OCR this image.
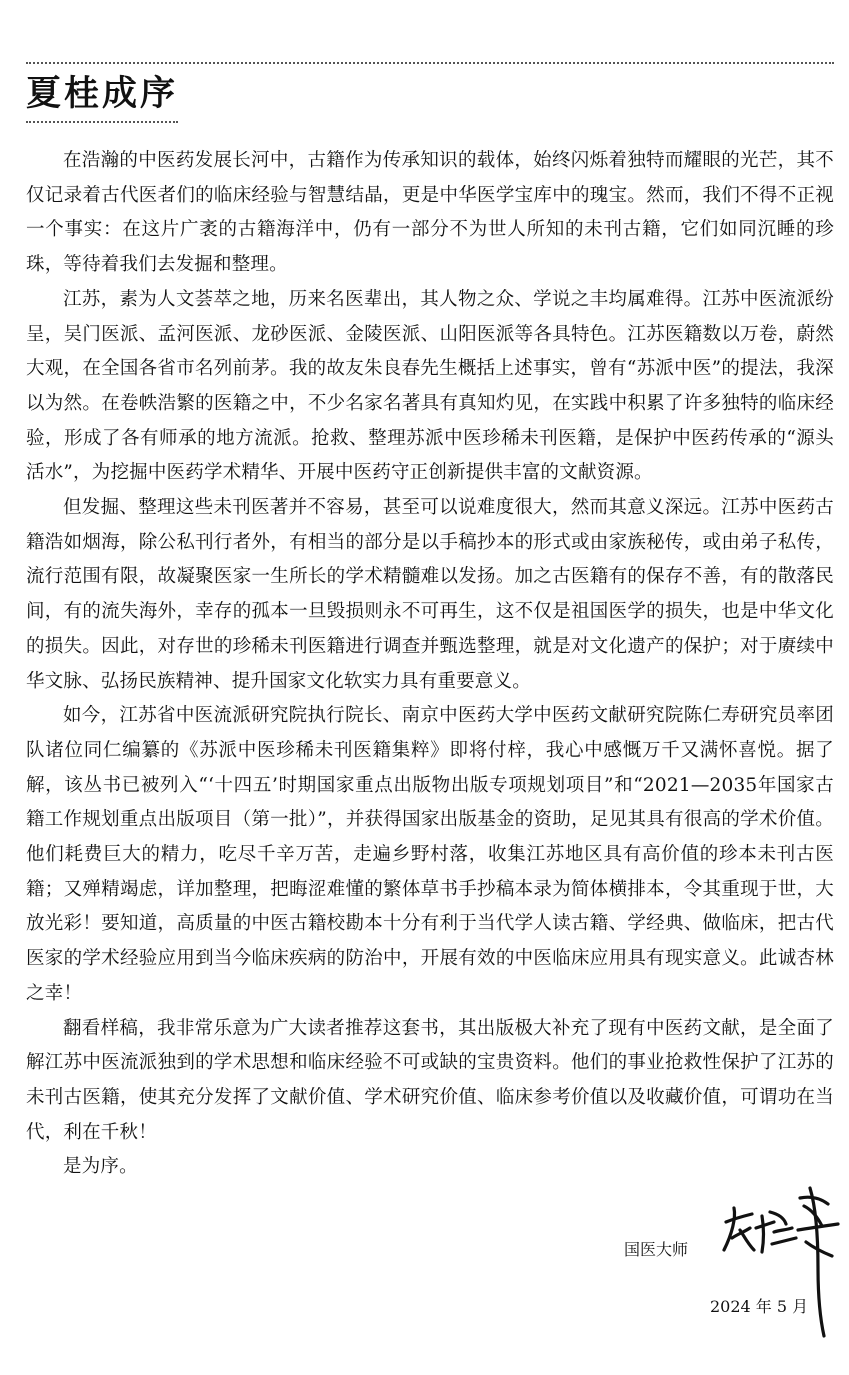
夏桂成序

在浩瀚的中医药发展长河中，古籍作为传承知识的载体，始终闪烁着独特而耀眼的光芒，其不仅记录着古代医者们的临床经验与智慧结晶，更是中华医学宝库中的瑰宝。然而，我们不得不正视一个事实：在这片广袤的古籍海洋中，仍有一部分不为世人所知的未刊古籍，它们如同沉睡的珍珠，等待着我们去发掘和整理。

江苏，素为人文荟萃之地，历来名医辈出，其人物之众、学说之丰均属难得。江苏中医流派纷呈，吴门医派、孟河医派、龙砂医派、金陵医派、山阳医派等各具特色。江苏医籍数以万卷，蔚然大观，在全国各省市名列前茅。我的故友朱良春先生概括上述事实，曾有“苏派中医”的提法，我深以为然。在卷帙浩繁的医籍之中，不少名家名著具有真知灼见，在实践中积累了许多独特的临床经验，形成了各有师承的地方流派。抢救、整理苏派中医珍稀未刊医籍，是保护中医药传承的“源头活水”，为挖掘中医药学术精华、开展中医药守正创新提供丰富的文献资源。

但发掘、整理这些未刊医著并不容易，甚至可以说难度很大，然而其意义深远。江苏中医药古籍浩如烟海，除公私刊行者外，有相当的部分是以手稿抄本的形式或由家族秘传，或由弟子私传，流行范围有限，故凝聚医家一生所长的学术精髓难以发扬。加之古医籍有的保存不善，有的散落民间，有的流失海外，幸存的孤本一旦毁损则永不可再生，这不仅是祖国医学的损失，也是中华文化的损失。因此，对存世的珍稀未刊医籍进行调查并甄选整理，就是对文化遗产的保护；对于赓续中华文脉、弘扬民族精神、提升国家文化软实力具有重要意义。

如今，江苏省中医流派研究院执行院长、南京中医药大学中医药文献研究院陈仁寿研究员率团队诸位同仁编纂的《苏派中医珍稀未刊医籍集粹》即将付梓，我心中感慨万千又满怀喜悦。据了解，该丛书已被列入“‘十四五’时期国家重点出版物出版专项规划项目”和“2021—2035年国家古籍工作规划重点出版项目（第一批）”，并获得国家出版基金的资助，足见其具有很高的学术价值。他们耗费巨大的精力，吃尽千辛万苦，走遍乡野村落，收集江苏地区具有高价值的珍本未刊古医籍；又殚精竭虑，详加整理，把晦涩难懂的繁体草书手抄稿本录为简体横排本，令其重现于世，大放光彩！要知道，高质量的中医古籍校勘本十分有利于当代学人读古籍、学经典、做临床，把古代医家的学术经验应用到当今临床疾病的防治中，开展有效的中医临床应用具有现实意义。此诚杏林之幸！

翻看样稿，我非常乐意为广大读者推荐这套书，其出版极大补充了现有中医药文献，是全面了解江苏中医流派独到的学术思想和临床经验不可或缺的宝贵资料。他们的事业抢救性保护了江苏的未刊古医籍，使其充分发挥了文献价值、学术研究价值、临床参考价值以及收藏价值，可谓功在当代，利在千秋！

是为序。

国医大师
2024 年 5 月
